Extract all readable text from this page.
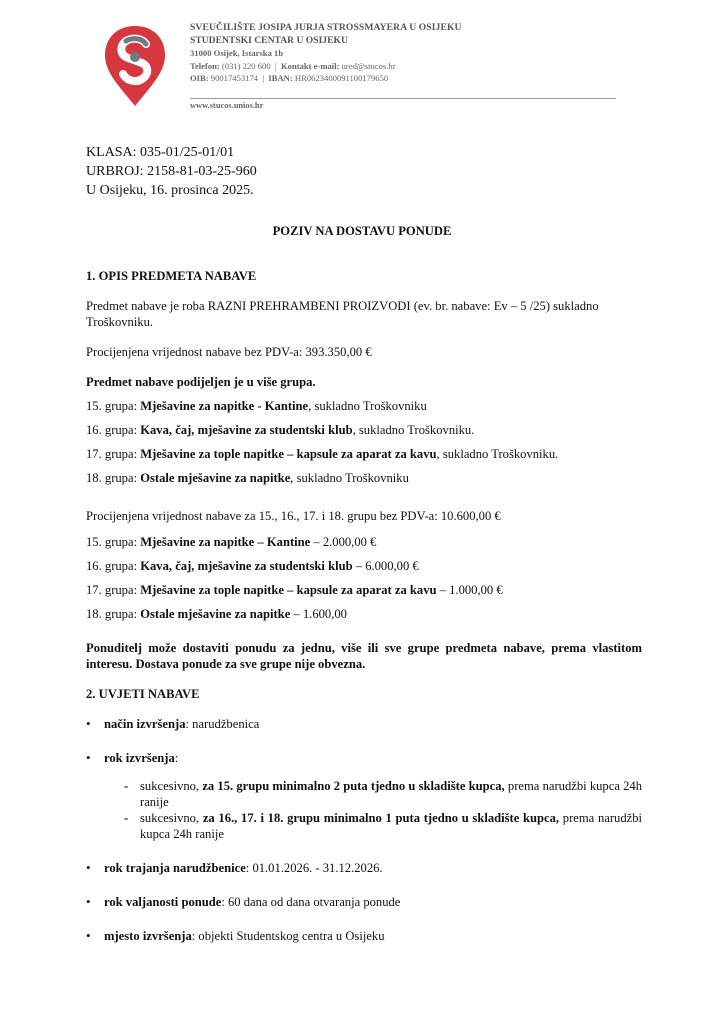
SVEUČILIŠTE JOSIPA JURJA STROSSMAYERA U OSIJEKU
STUDENTSKI CENTAR U OSIJEKU
31000 Osijek, Istarska 1b
Telefon: (031) 220 600  |  Kontakt e-mail: ured@stucos.hr
OIB: 90017453174  |  IBAN: HR0623400091100179650
www.stucos.unios.hr
KLASA: 035-01/25-01/01
URBROJ: 2158-81-03-25-960
U Osijeku, 16. prosinca 2025.
POZIV NA DOSTAVU PONUDE

1. OPIS PREDMETA NABAVE

Predmet nabave je roba RAZNI PREHRAMBENI PROIZVODI (ev. br. nabave: Ev – 5 /25) sukladno Troškovniku.

Procijenjena vrijednost nabave bez PDV-a: 393.350,00 €

Predmet nabave podijeljen je u više grupa.

15. grupa: Mješavine za napitke - Kantine, sukladno Troškovniku

16. grupa: Kava, čaj, mješavine za studentski klub, sukladno Troškovniku.

17. grupa: Mješavine za tople napitke – kapsule za aparat za kavu, sukladno Troškovniku.

18. grupa: Ostale mješavine za napitke, sukladno Troškovniku

Procijenjena vrijednost nabave za 15., 16., 17. i 18. grupu bez PDV-a: 10.600,00 €

15. grupa: Mješavine za napitke – Kantine – 2.000,00 €

16. grupa: Kava, čaj, mješavine za studentski klub – 6.000,00 €

17. grupa: Mješavine za tople napitke – kapsule za aparat za kavu – 1.000,00 €

18. grupa: Ostale mješavine za napitke – 1.600,00

Ponuditelj može dostaviti ponudu za jednu, više ili sve grupe predmeta nabave, prema vlastitom interesu. Dostava ponude za sve grupe nije obvezna.

2. UVJETI NABAVE

• način izvršenja: narudžbenica
• rok izvršenja:
- sukcesivno, za 15. grupu minimalno 2 puta tjedno u skladište kupca, prema narudžbi kupca 24h ranije
- sukcesivno, za 16., 17. i 18. grupu minimalno 1 puta tjedno u skladište kupca, prema narudžbi kupca 24h ranije
• rok trajanja narudžbenice: 01.01.2026. - 31.12.2026.
• rok valjanosti ponude: 60 dana od dana otvaranja ponude
• mjesto izvršenja: objekti Studentskog centra u Osijeku
